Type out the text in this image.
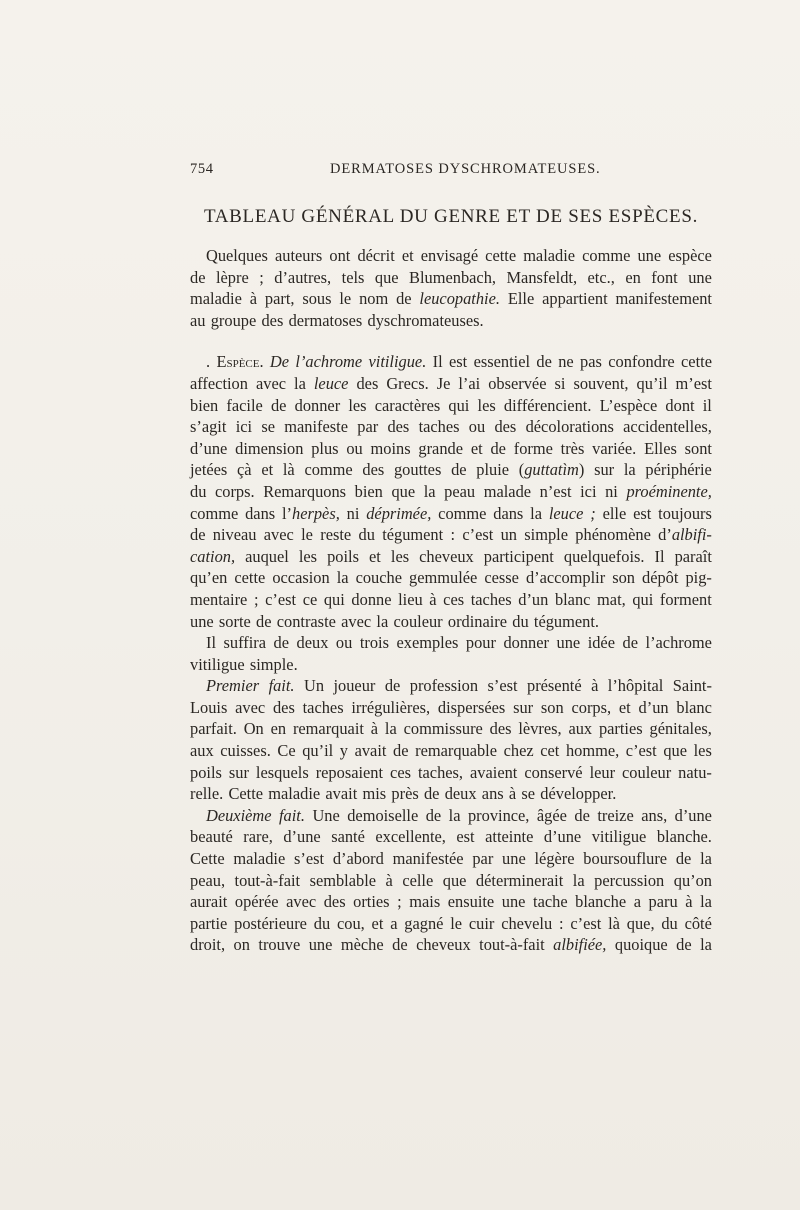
754	DERMATOSES DYSCHROMATEUSES.
TABLEAU GÉNÉRAL DU GENRE ET DE SES ESPÈCES.
Quelques auteurs ont décrit et envisagé cette maladie comme une espèce
de lèpre ; d’autres, tels que Blumenbach, Mansfeldt, etc., en font une
maladie à part, sous le nom de leucopathie. Elle appartient manifestement
au groupe des dermatoses dyschromateuses.
. Espèce. De l’achrome vitiligue. Il est essentiel de ne pas confondre cette
affection avec la leuce des Grecs. Je l’ai observée si souvent, qu’il m’est
bien facile de donner les caractères qui les différencient. L’espèce dont il
s’agit ici se manifeste par des taches ou des décolorations accidentelles,
d’une dimension plus ou moins grande et de forme très variée. Elles sont
jetées çà et là comme des gouttes de pluie (guttatìm) sur la périphérie
du corps. Remarquons bien que la peau malade n’est ici ni proéminente,
comme dans l’herpès, ni déprimée, comme dans la leuce ; elle est toujours
de niveau avec le reste du tégument : c’est un simple phénomène d’albifi-
cation, auquel les poils et les cheveux participent quelquefois. Il paraît
qu’en cette occasion la couche gemmulée cesse d’accomplir son dépôt pig-
mentaire ; c’est ce qui donne lieu à ces taches d’un blanc mat, qui forment
une sorte de contraste avec la couleur ordinaire du tégument.
Il suffira de deux ou trois exemples pour donner une idée de l’achrome
vitiligue simple.
Premier fait. Un joueur de profession s’est présenté à l’hôpital Saint-
Louis avec des taches irrégulières, dispersées sur son corps, et d’un blanc
parfait. On en remarquait à la commissure des lèvres, aux parties génitales,
aux cuisses. Ce qu’il y avait de remarquable chez cet homme, c’est que les
poils sur lesquels reposaient ces taches, avaient conservé leur couleur natu-
relle. Cette maladie avait mis près de deux ans à se développer.
Deuxième fait. Une demoiselle de la province, âgée de treize ans, d’une
beauté rare, d’une santé excellente, est atteinte d’une vitiligue blanche.
Cette maladie s’est d’abord manifestée par une légère boursouflure de la
peau, tout-à-fait semblable à celle que déterminerait la percussion qu’on
aurait opérée avec des orties ; mais ensuite une tache blanche a paru à la
partie postérieure du cou, et a gagné le cuir chevelu : c’est là que, du côté
droit, on trouve une mèche de cheveux tout-à-fait albifiée, quoique de la
